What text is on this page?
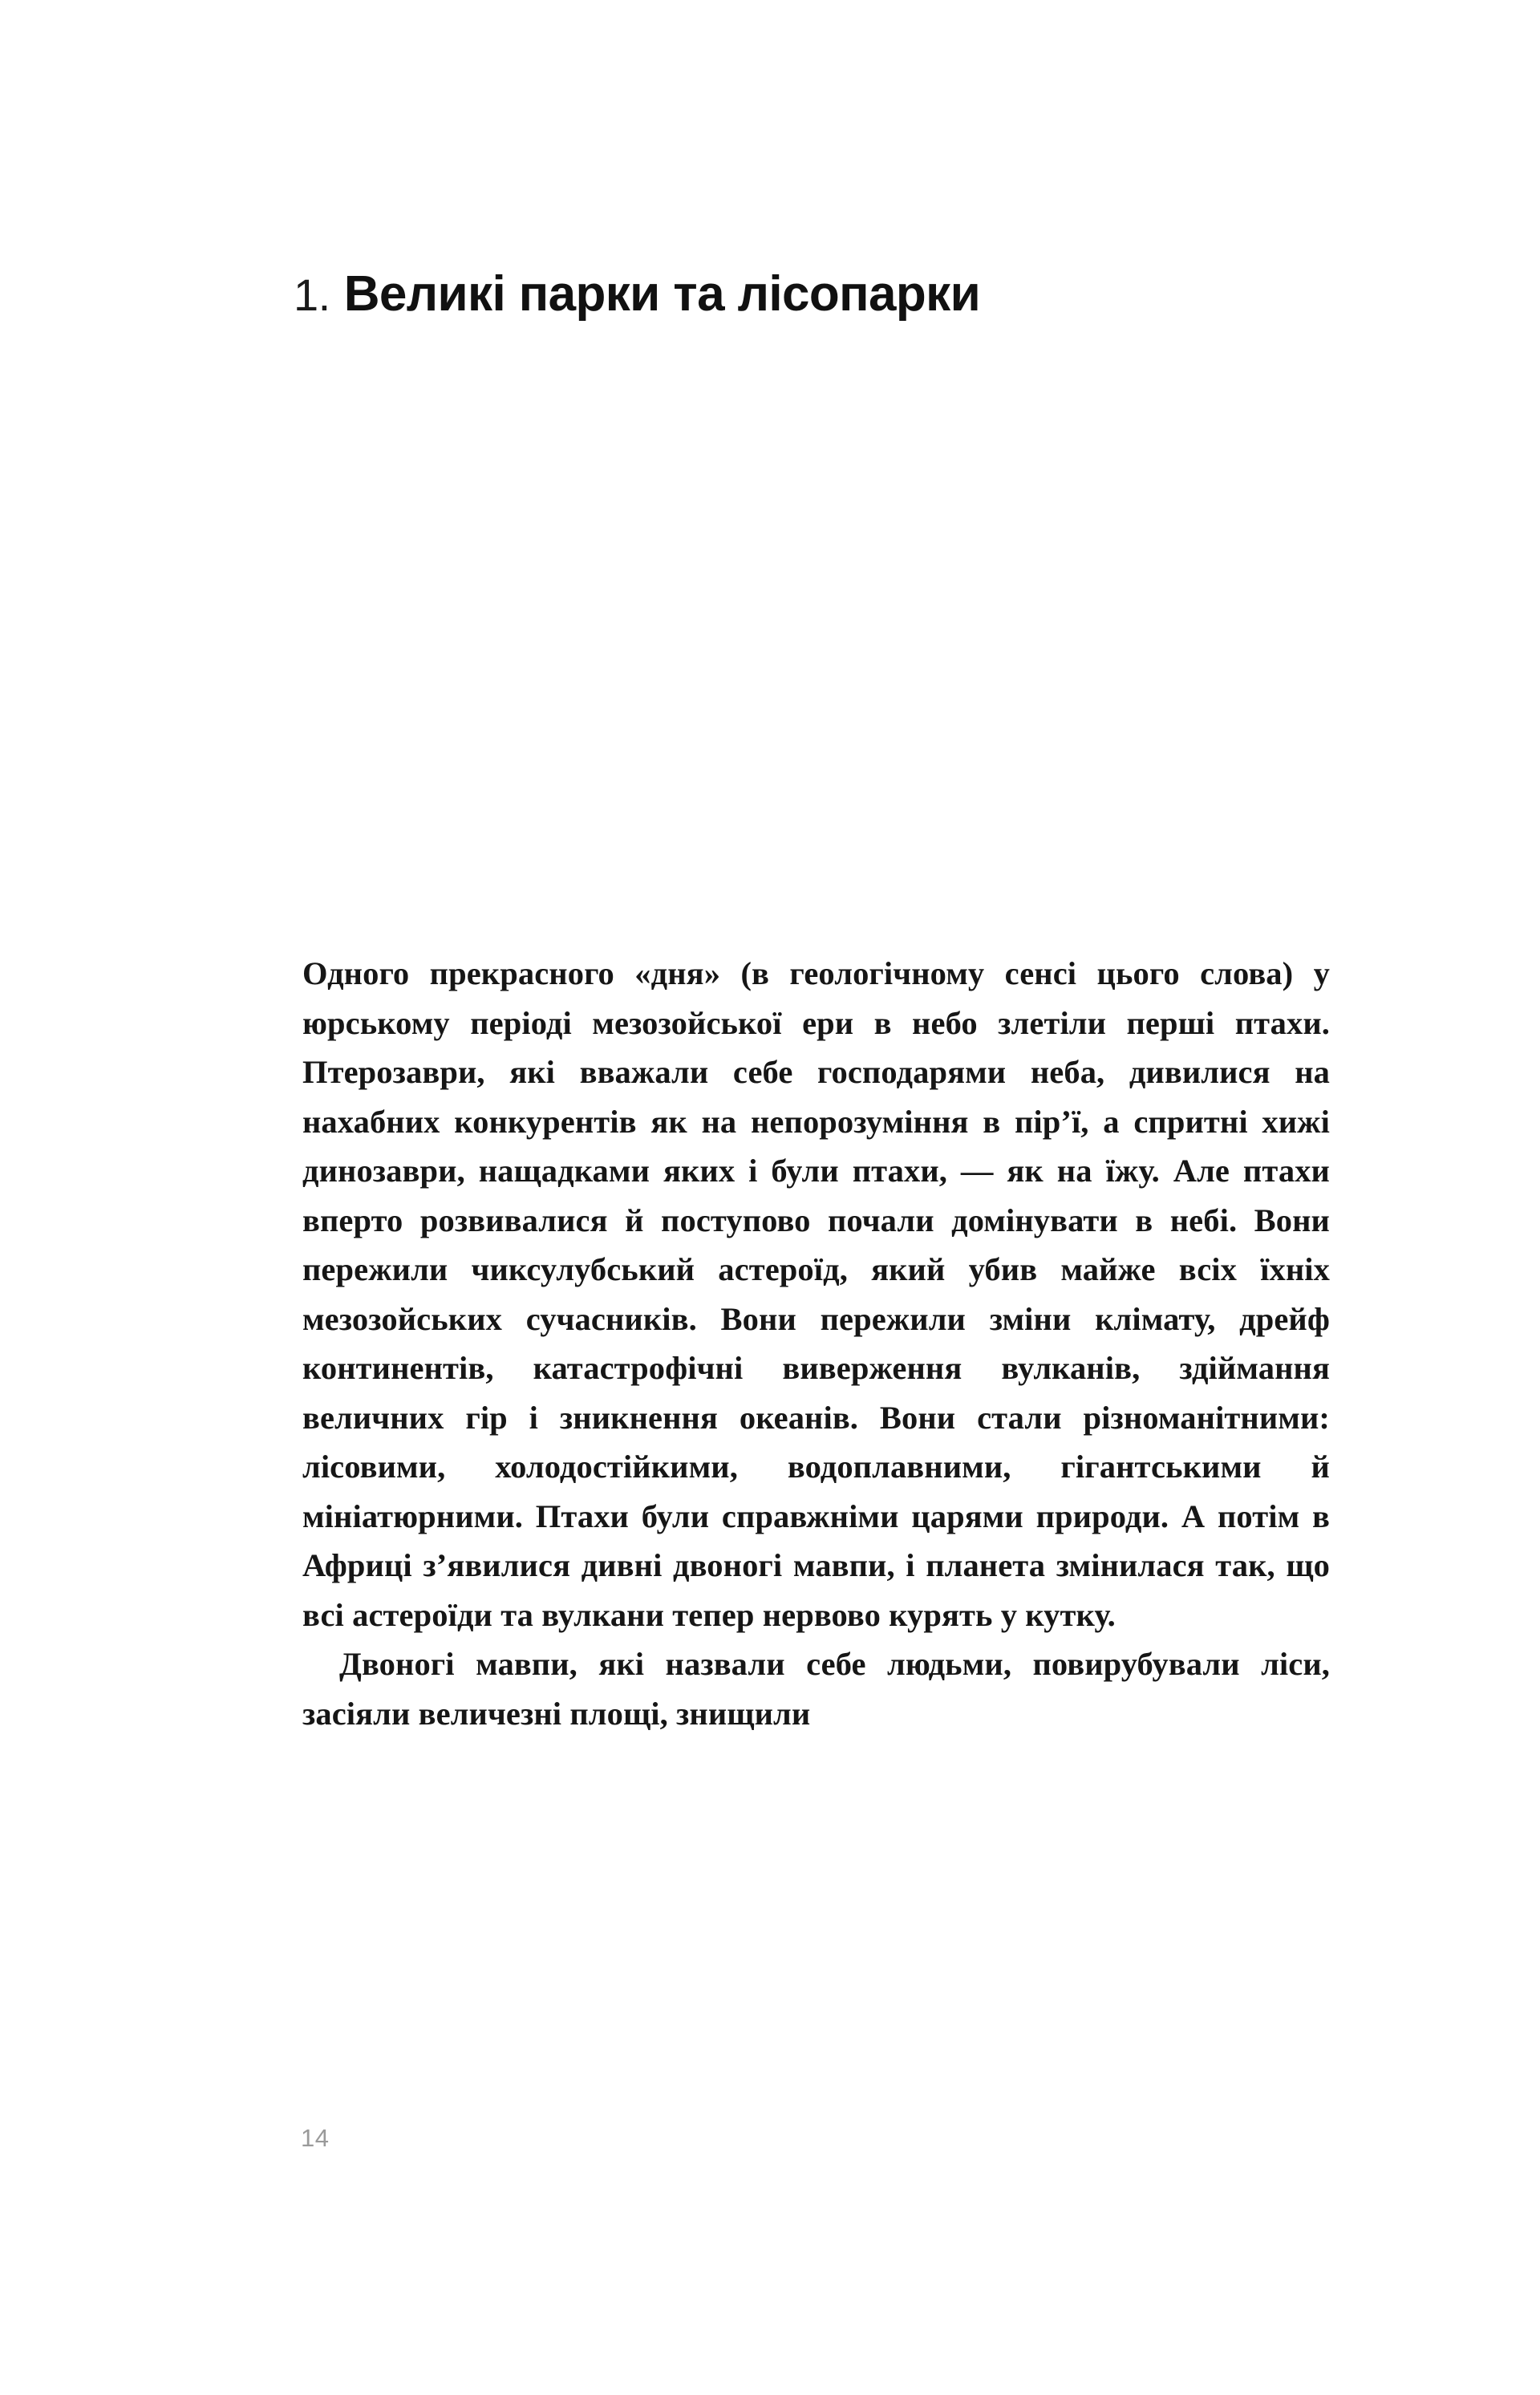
1. Великі парки та лісопарки

Одного прекрасного «дня» (в геологічному сенсі цього слова) у юрському періоді мезозойської ери в небо злетіли перші птахи. Птерозаври, які вважали себе господарями неба, дивилися на нахабних конкурентів як на непорозуміння в пір’ї, а спритні хижі динозаври, нащадками яких і були птахи, — як на їжу. Але птахи вперто розвивалися й поступово почали домінувати в небі. Вони пережили чиксулубський астероїд, який убив майже всіх їхніх мезозойських сучасників. Вони пережили зміни клімату, дрейф континентів, катастрофічні виверження вулканів, здіймання величних гір і зникнення океанів. Вони стали різноманітними: лісовими, холодостійкими, водоплавними, гігантськими й мініатюрними. Птахи були справжніми царями природи. А потім в Африці з’явилися дивні двоногі мавпи, і планета змінилася так, що всі астероїди та вулкани тепер нервово курять у кутку.

Двоногі мавпи, які назвали себе людьми, повирубували ліси, засіяли величезні площі, знищили

14
